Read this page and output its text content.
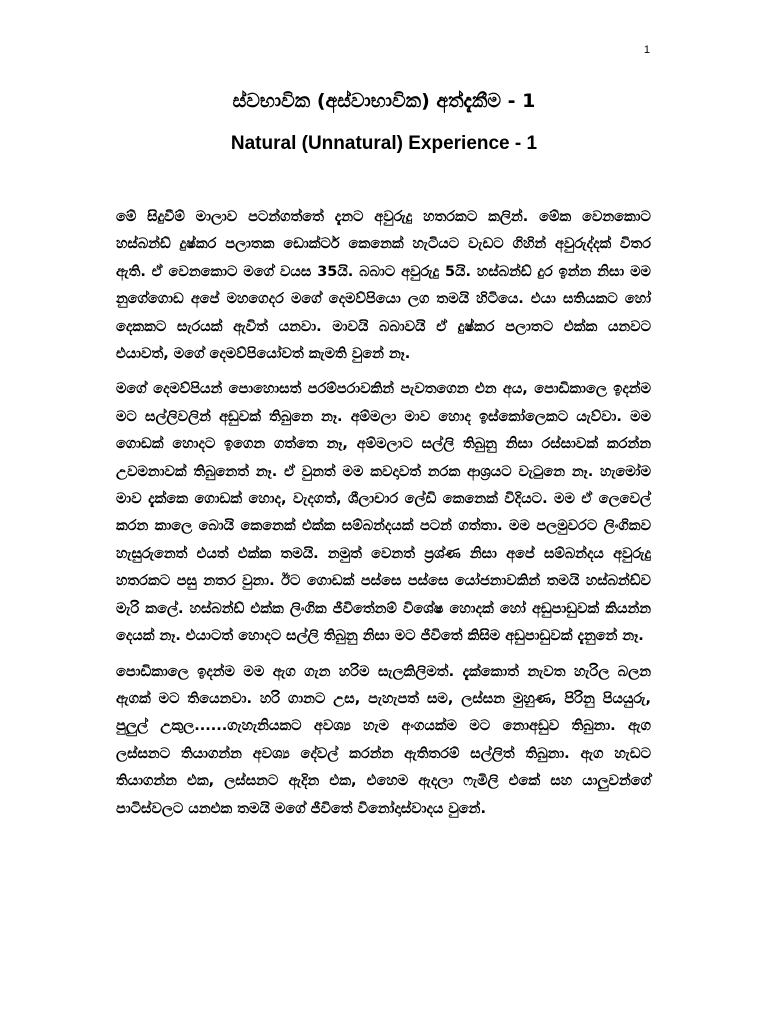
1
ස්වභාවික (අස්වාභාවික) අත්දැකීම - 1
Natural (Unnatural) Experience - 1

මේ සිදුවීම් මාලාව පටන්ගත්තේ දැනට අවුරුදු හතරකට කලින්. මේක වෙනකොට හස්බන්ඩ් දුෂ්කර පලාතක ඩොක්ටර් කෙනෙක් හැටියට වැඩට ගිහින් අවුරුද්දක් විතර ඇති. ඒ වෙනකොට මගේ වයස 35යි. බබාට අවුරුදු 5යි. හස්බන්ඩ් දුර ඉන්න නිසා මම නුගේගොඩ අපේ මහගෙදර මගේ දෙමව්පියො ලග තමයි හිටියෙ. එයා සතියකට හෝ දෙකකට සැරයක් ඇවිත් යනවා. මාවයි බබාවයි ඒ දුෂ්කර පලාතට එක්ක යනවට එයාවත්, මගේ දෙමව්පියෝවත් කැමති වුනේ නෑ.

මගේ දෙමව්පියන් පොහොසත් පරම්පරාවකින් පැවතගෙන එන අය, පොඩිකාලෙ ඉදන්ම මට සල්ලිවලින් අඩුවක් තිබුනෙ නෑ. අම්මලා මාව හොද ඉස්කෝලෙකට යැව්වා. මම ගොඩක් හොදට ඉගෙන ගත්තෙ නෑ, අම්මලාට සල්ලි තිබුනු නිසා රස්සාවක් කරන්න උවමනාවක් තිබුනෙත් නෑ. ඒ වුනත් මම කවදාවත් නරක ආශ්‍රයට වැටුනෙ නෑ. හැමෝම මාව දැක්කෙ ගොඩක් හොද, වැදගත්, ශීලාචාර ලේඩි කෙනෙක් විදියට. මම ඒ ලෙවෙල් කරන කාලෙ බොයි කෙනෙක් එක්ක සම්බන්දයක් පටන් ගත්තා. මම පලමුවරට ලිංගිකව හැසුරුනෙත් එයත් එක්ක තමයි. නමුත් වෙනත් ප්‍රශ්ණ නිසා අපේ සම්බන්දය අවුරුදු හතරකට පසු නතර වුනා. ඊට ගොඩක් පස්සෙ පස්සෙ යෝජනාවකින් තමයි හස්බන්ඩ්ව මැරි කලේ. හස්බන්ඩ් එක්ක ලිංගික ජීවිතේනම් විශේෂ හොදක් හෝ අඩුපාඩුවක් කියන්න දෙයක් නෑ. එයාටත් හොදට සල්ලි තිබුනු නිසා මට ජීවිතේ කිසිම අඩුපාඩුවක් දැනුනේ නෑ.

පොඩිකාලෙ ඉදන්ම මම ඇග ගැන හරිම සැලකිලිමත්. දැක්කොත් නැවත හැරිල බලන ඇගක් මට තියෙනවා. හරි ගානට උස, පැහැපත් සම, ලස්සන මුහුණ, පිරිනු පියයුරු, පුලුල් උකුල......ගැහැනියකට අවශ්‍ය හැම අංගයක්ම මට නොඅඩුව තිබුනා. ඇග ලස්සනට තියාගන්න අවශ්‍ය දේවල් කරන්න ඇතිතරම් සල්ලිත් තිබුනා. ඇග හැඩට තියාගන්න එක, ලස්සනට ඇදින එක, එහෙම ඇදලා ෆැමිලි එකේ සහ යාලුවන්ගේ පාටිස්වලට යනඑක තමයි මගේ ජීවිතේ විනෝදාස්වාදය වුනේ.
